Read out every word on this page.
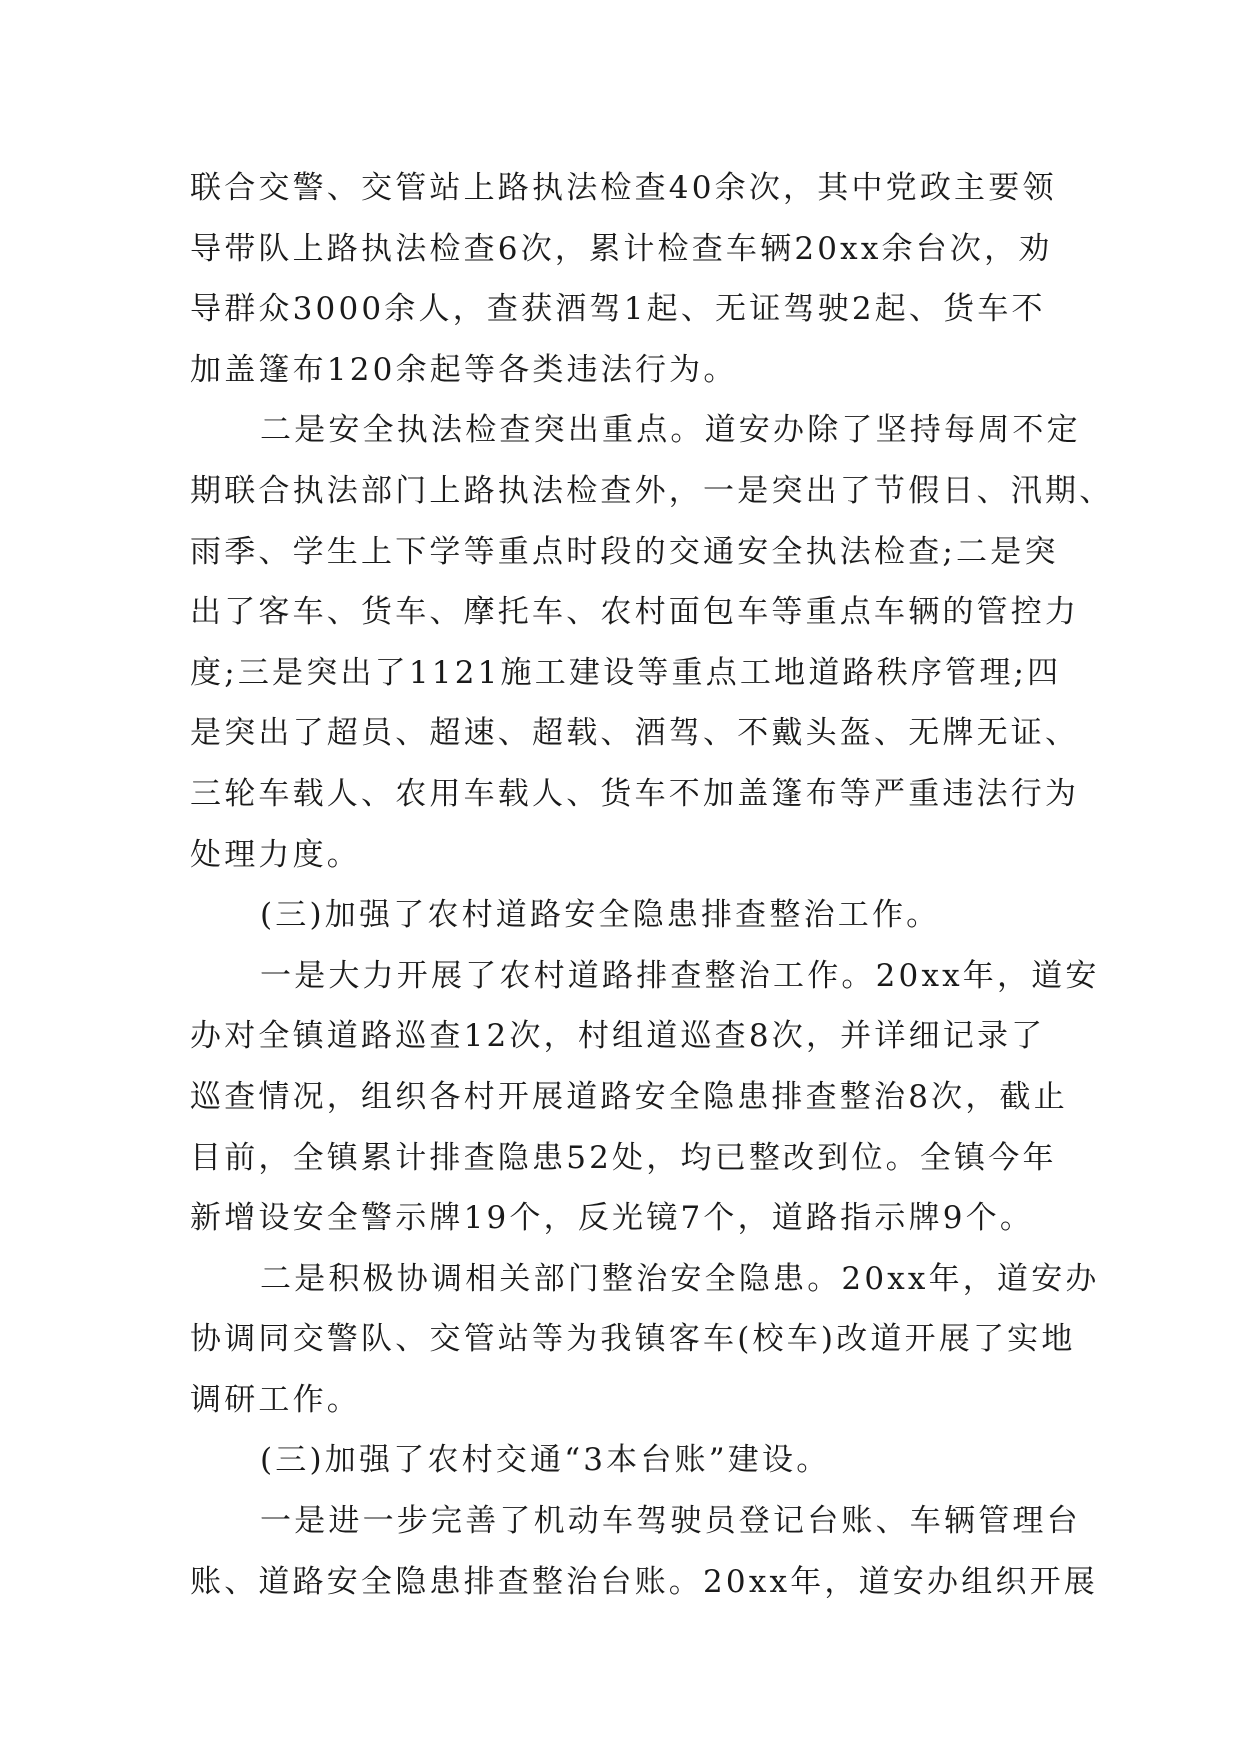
联合交警、交管站上路执法检查40余次，其中党政主要领
导带队上路执法检查6次，累计检查车辆20xx余台次，劝
导群众3000余人，查获酒驾1起、无证驾驶2起、货车不
加盖篷布120余起等各类违法行为。
二是安全执法检查突出重点。道安办除了坚持每周不定
期联合执法部门上路执法检查外，一是突出了节假日、汛期、
雨季、学生上下学等重点时段的交通安全执法检查;二是突
出了客车、货车、摩托车、农村面包车等重点车辆的管控力
度;三是突出了1121施工建设等重点工地道路秩序管理;四
是突出了超员、超速、超载、酒驾、不戴头盔、无牌无证、
三轮车载人、农用车载人、货车不加盖篷布等严重违法行为
处理力度。
(三)加强了农村道路安全隐患排查整治工作。
一是大力开展了农村道路排查整治工作。20xx年，道安
办对全镇道路巡查12次，村组道巡查8次，并详细记录了
巡查情况，组织各村开展道路安全隐患排查整治8次，截止
目前，全镇累计排查隐患52处，均已整改到位。全镇今年
新增设安全警示牌19个，反光镜7个，道路指示牌9个。
二是积极协调相关部门整治安全隐患。20xx年，道安办
协调同交警队、交管站等为我镇客车(校车)改道开展了实地
调研工作。
(三)加强了农村交通“3本台账”建设。
一是进一步完善了机动车驾驶员登记台账、车辆管理台
账、道路安全隐患排查整治台账。20xx年，道安办组织开展
